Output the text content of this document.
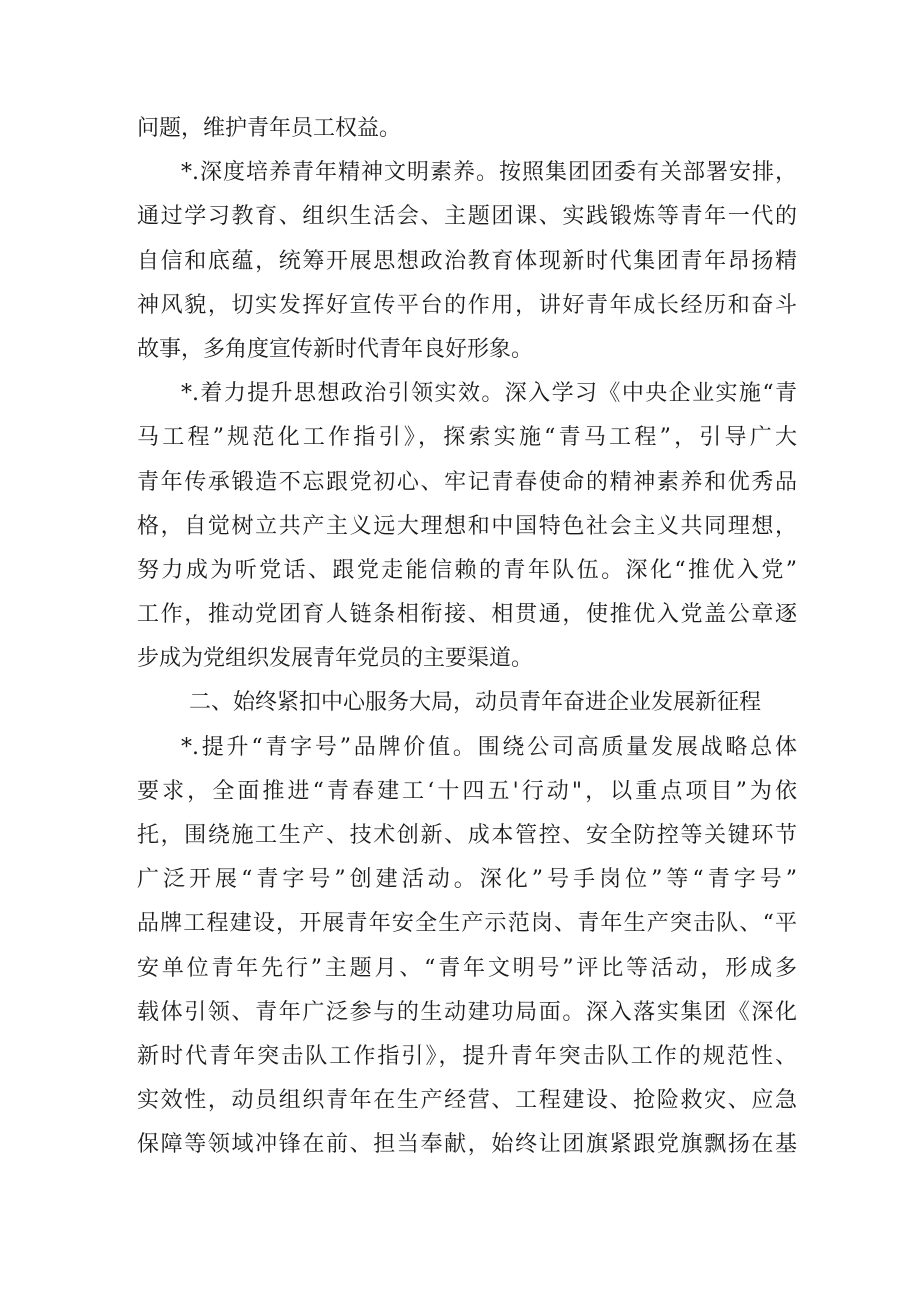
问题，维护青年员工权益。
*.深度培养青年精神文明素养。按照集团团委有关部署安排，
通过学习教育、组织生活会、主题团课、实践锻炼等青年一代的
自信和底蕴，统筹开展思想政治教育体现新时代集团青年昂扬精
神风貌，切实发挥好宣传平台的作用，讲好青年成长经历和奋斗
故事，多角度宣传新时代青年良好形象。
*.着力提升思想政治引领实效。深入学习《中央企业实施“青
马工程”规范化工作指引》，探索实施“青马工程”，引导广大
青年传承锻造不忘跟党初心、牢记青春使命的精神素养和优秀品
格，自觉树立共产主义远大理想和中国特色社会主义共同理想，
努力成为听党话、跟党走能信赖的青年队伍。深化“推优入党”
工作，推动党团育人链条相衔接、相贯通，使推优入党盖公章逐
步成为党组织发展青年党员的主要渠道。
二、始终紧扣中心服务大局，动员青年奋进企业发展新征程
*.提升“青字号”品牌价值。围绕公司高质量发展战略总体
要求，全面推进“青春建工‘十四五'行动"，以重点项目”为依
托，围绕施工生产、技术创新、成本管控、安全防控等关键环节
广泛开展“青字号”创建活动。深化”号手岗位”等“青字号”
品牌工程建设，开展青年安全生产示范岗、青年生产突击队、“平
安单位青年先行”主题月、“青年文明号”评比等活动，形成多
载体引领、青年广泛参与的生动建功局面。深入落实集团《深化
新时代青年突击队工作指引》，提升青年突击队工作的规范性、
实效性，动员组织青年在生产经营、工程建设、抢险救灾、应急
保障等领域冲锋在前、担当奉献，始终让团旗紧跟党旗飘扬在基
